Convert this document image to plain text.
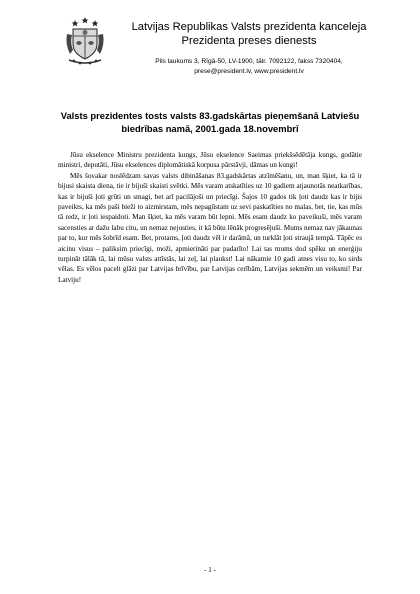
Latvijas Republikas Valsts prezidenta kanceleja
Prezidenta preses dienests
Pils laukums 3, Rīgā-50, LV-1900, tālr. 7092122, fakss 7320404,
prese@president.lv, www.president.lv
Valsts prezidentes tosts valsts 83.gadskārtas pieņemšanā Latviešu biedrības namā, 2001.gada 18.novembrī

Jūsu ekselence Ministru prezidenta kungs, Jūsu ekselence Saeimas priekšsēdētāja kungs, godātie ministri, deputāti, Jūsu ekselences diplomātiskā korpusa pārstāvji, dāmas un kungi!

Mēs šovakar noslēdzam savas valsts dibināšanas 83.gadskārtas atzīmēšanu, un, man šķiet, ka tā ir bijusi skaista diena, tie ir bijuši skaisti svētki. Mēs varam atskatīties uz 10 gadiem atjaunotās neatkarības, kas ir bijuši ļoti grūti un smagi, bet arī pacilājoši un priecīgi. Šajos 10 gados tik ļoti daudz kas ir bijis paveikts, ka mēs paši bieži to aizmirstam, mēs nepagūstam uz sevi paskatīties no malas, bet, tie, kas mūs tā redz, ir ļoti iespaidoti. Man šķiet, ka mēs varam būt lepni. Mēs esam daudz ko paveikuši, mēs varam sacensties ar dažu labu citu, un nemaz nejusties, it kā būtu lēnāk progresējuši. Mums nemaz nav jākaunas par to, kur mēs šobrīd esam. Bet, protams, ļoti daudz vēl ir darāmā, un turklāt ļoti straujā tempā. Tāpēc es aicinu visus – paliksim priecīgi, moži, apmierināti par padarīto! Lai tas mums dod spēku un enerģiju turpināt tālāk tā, lai mūsu valsts attīstās, lai zeļ, lai plaukst! Lai nākamie 10 gadi atnes visu to, ko sirds vēlas. Es vēlos pacelt glāzi par Latvijas brīvību, par Latvijas cerībām, Latvijas sekmēm un veiksmi! Par Latviju!

- 1 -
